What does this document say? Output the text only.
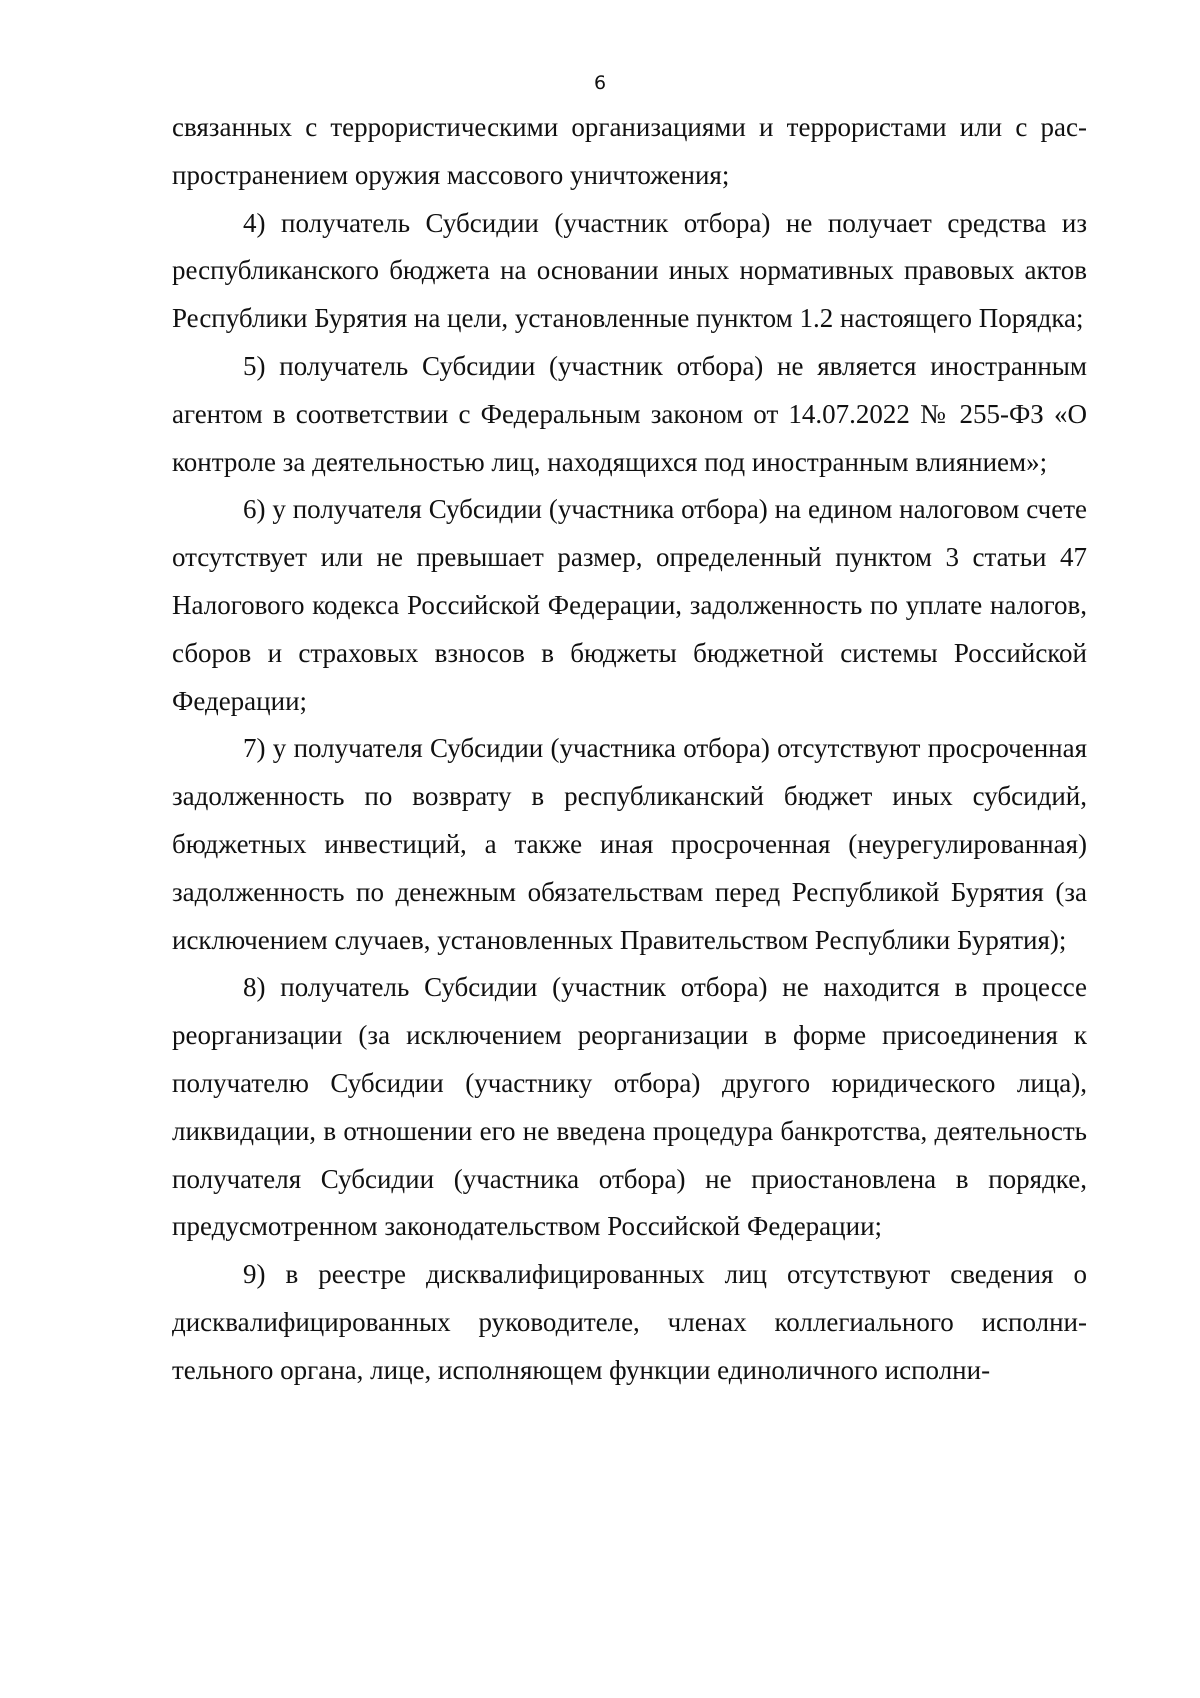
6

связанных с террористическими организациями и террористами или с распространением оружия массового уничтожения;

4) получатель Субсидии (участник отбора) не получает средства из республиканского бюджета на основании иных нормативных правовых актов Республики Бурятия на цели, установленные пунктом 1.2 настоящего Порядка;

5) получатель Субсидии (участник отбора) не является иностранным агентом в соответствии с Федеральным законом от 14.07.2022 № 255-ФЗ «О контроле за деятельностью лиц, находящихся под иностранным влиянием»;

6) у получателя Субсидии (участника отбора) на едином налоговом счете отсутствует или не превышает размер, определенный пунктом 3 статьи 47 Налогового кодекса Российской Федерации, задолженность по уплате налогов, сборов и страховых взносов в бюджеты бюджетной системы Российской Федерации;

7) у получателя Субсидии (участника отбора) отсутствуют просроченная задолженность по возврату в республиканский бюджет иных субсидий, бюджетных инвестиций, а также иная просроченная (неурегулированная) задолженность по денежным обязательствам перед Республикой Бурятия (за исключением случаев, установленных Правительством Республики Бурятия);

8) получатель Субсидии (участник отбора) не находится в процессе реорганизации (за исключением реорганизации в форме присоединения к получателю Субсидии (участнику отбора) другого юридического лица), ликвидации, в отношении его не введена процедура банкротства, деятельность получателя Субсидии (участника отбора) не приостановлена в порядке, предусмотренном законодательством Российской Федерации;

9) в реестре дисквалифицированных лиц отсутствуют сведения о дисквалифицированных руководителе, членах коллегиального исполнительного органа, лице, исполняющем функции единоличного исполни-
